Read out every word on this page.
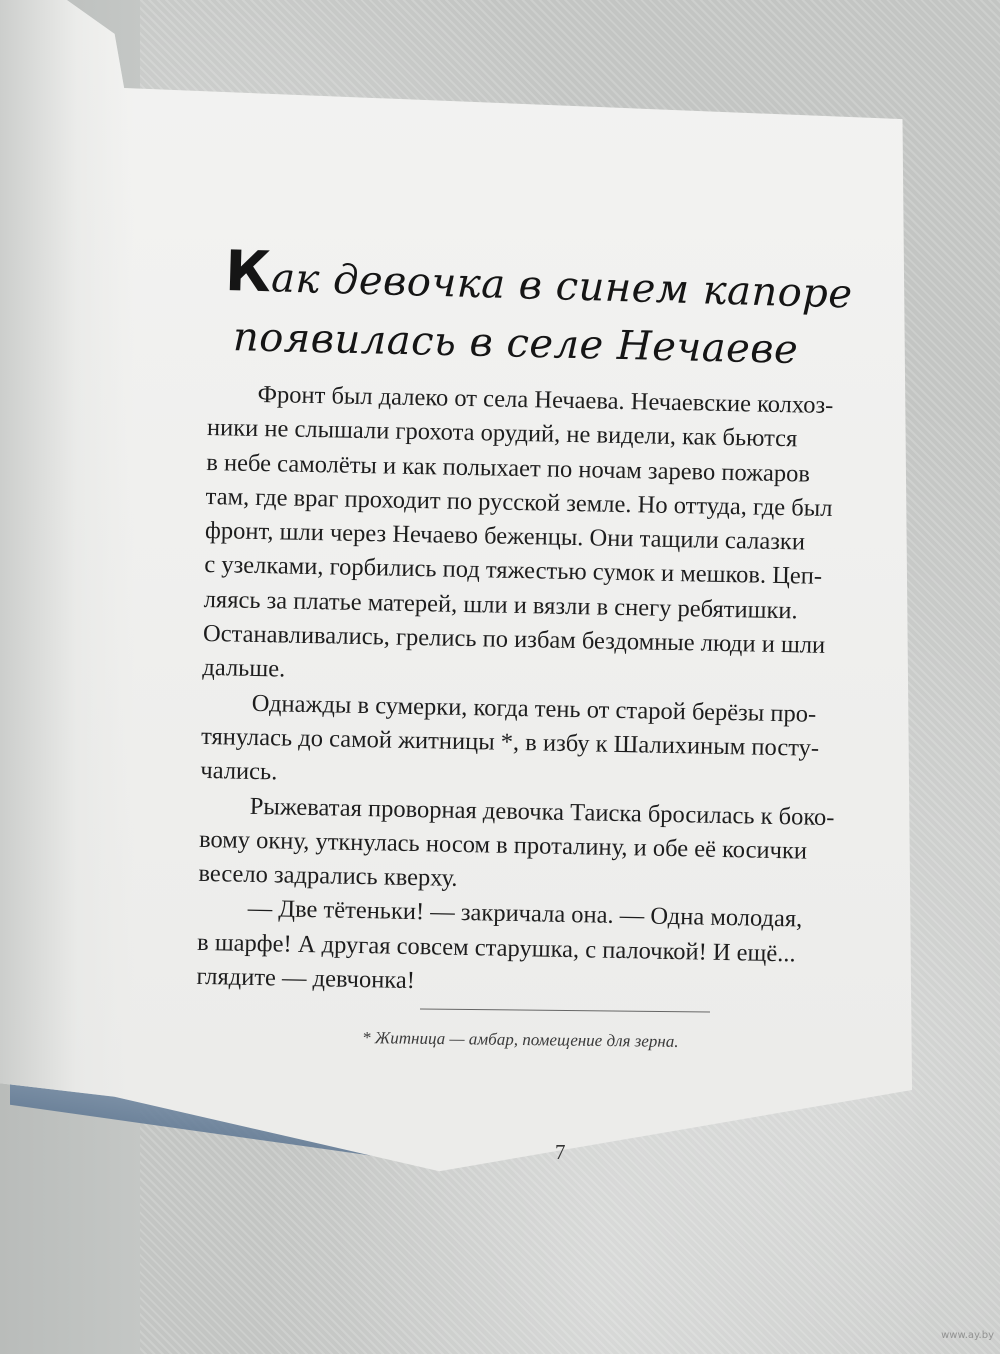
Как девочка в синем капоре
появилась в селе Нечаеве
Фронт был далеко от села Нечаева. Нечаевские колхоз-
ники не слышали грохота орудий, не видели, как бьются
в небе самолёты и как полыхает по ночам зарево пожаров
там, где враг проходит по русской земле. Но оттуда, где был
фронт, шли через Нечаево беженцы. Они тащили салазки
с узелками, горбились под тяжестью сумок и мешков. Цеп-
ляясь за платье матерей, шли и вязли в снегу ребятишки.
Останавливались, грелись по избам бездомные люди и шли
дальше.
Однажды в сумерки, когда тень от старой берёзы про-
тянулась до самой житницы *, в избу к Шалихиным посту-
чались.
Рыжеватая проворная девочка Таиска бросилась к боко-
вому окну, уткнулась носом в проталину, и обе её косички
весело задрались кверху.
— Две тётеньки! — закричала она. — Одна молодая,
в шарфе! А другая совсем старушка, с палочкой! И ещё...
глядите — девчонка!
* Житница — амбар, помещение для зерна.
7
www.ay.by
